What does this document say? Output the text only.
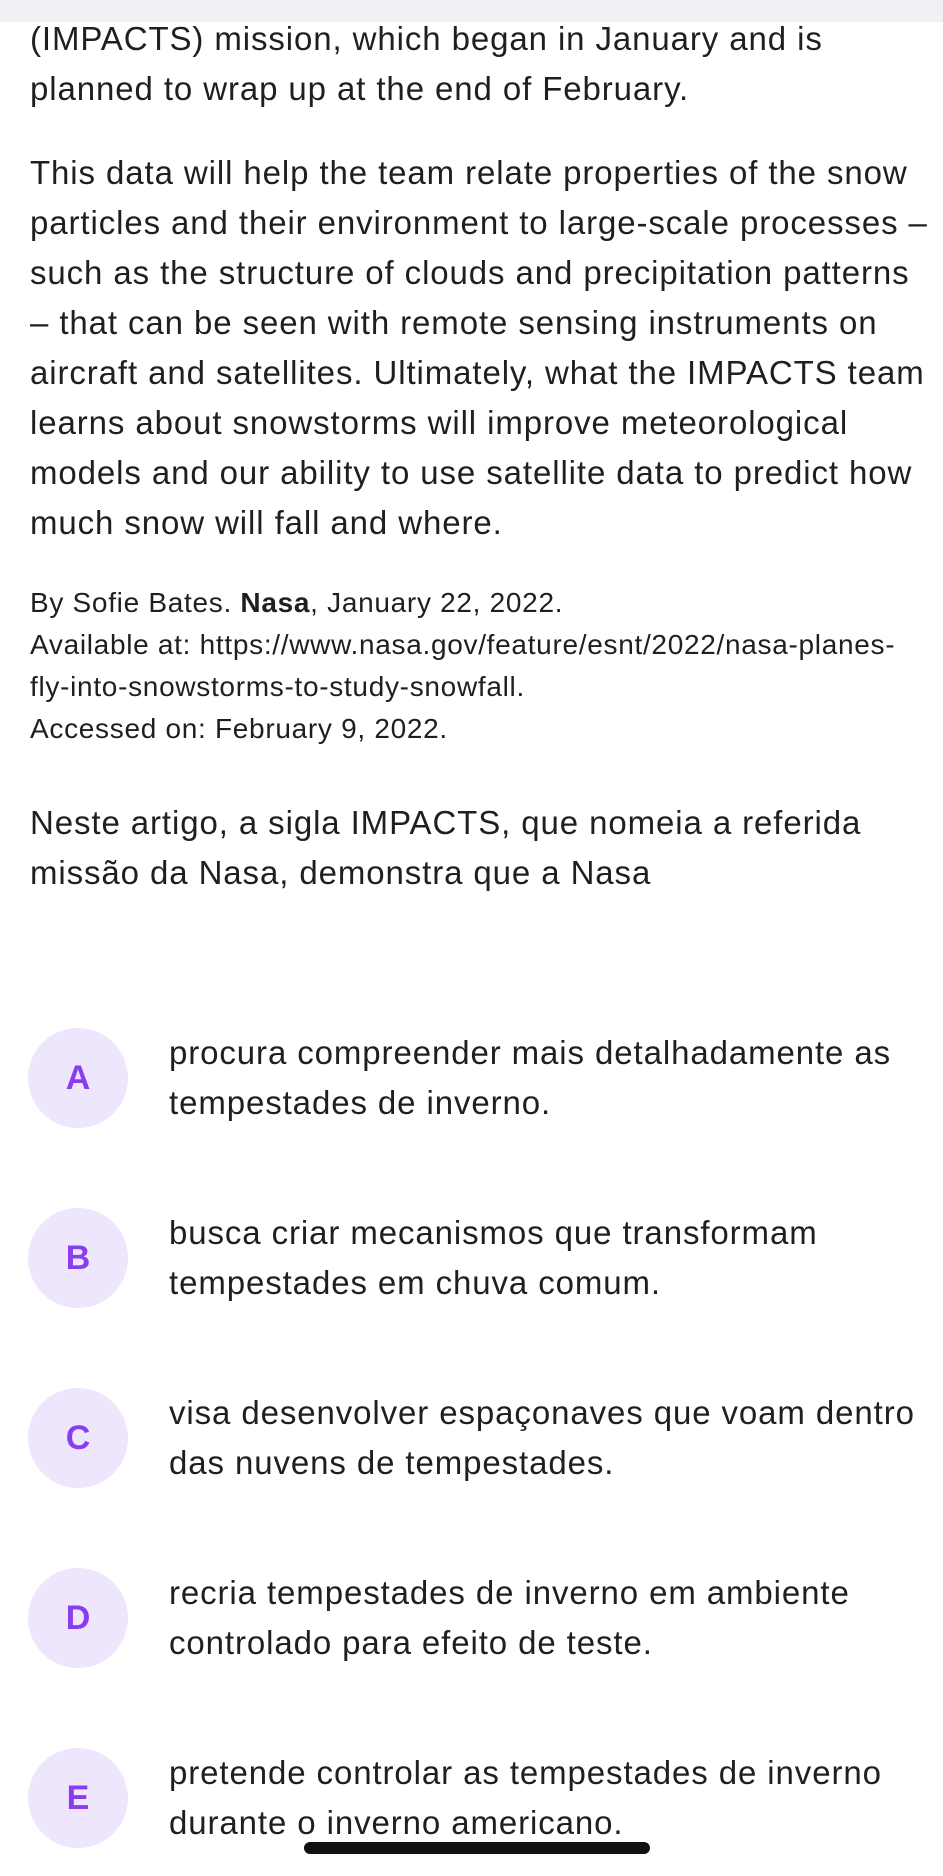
(IMPACTS) mission, which began in January and is planned to wrap up at the end of February.

This data will help the team relate properties of the snow particles and their environment to large-scale processes – such as the structure of clouds and precipitation patterns – that can be seen with remote sensing instruments on aircraft and satellites. Ultimately, what the IMPACTS team learns about snowstorms will improve meteorological models and our ability to use satellite data to predict how much snow will fall and where.

By Sofie Bates. Nasa, January 22, 2022.
Available at: https://www.nasa.gov/feature/esnt/2022/nasa-planes-fly-into-snowstorms-to-study-snowfall.
Accessed on: February 9, 2022.

Neste artigo, a sigla IMPACTS, que nomeia a referida missão da Nasa, demonstra que a Nasa

A
procura compreender mais detalhadamente as tempestades de inverno.
B
busca criar mecanismos que transformam tempestades em chuva comum.
C
visa desenvolver espaçonaves que voam dentro das nuvens de tempestades.
D
recria tempestades de inverno em ambiente controlado para efeito de teste.
E
pretende controlar as tempestades de inverno durante o inverno americano.
